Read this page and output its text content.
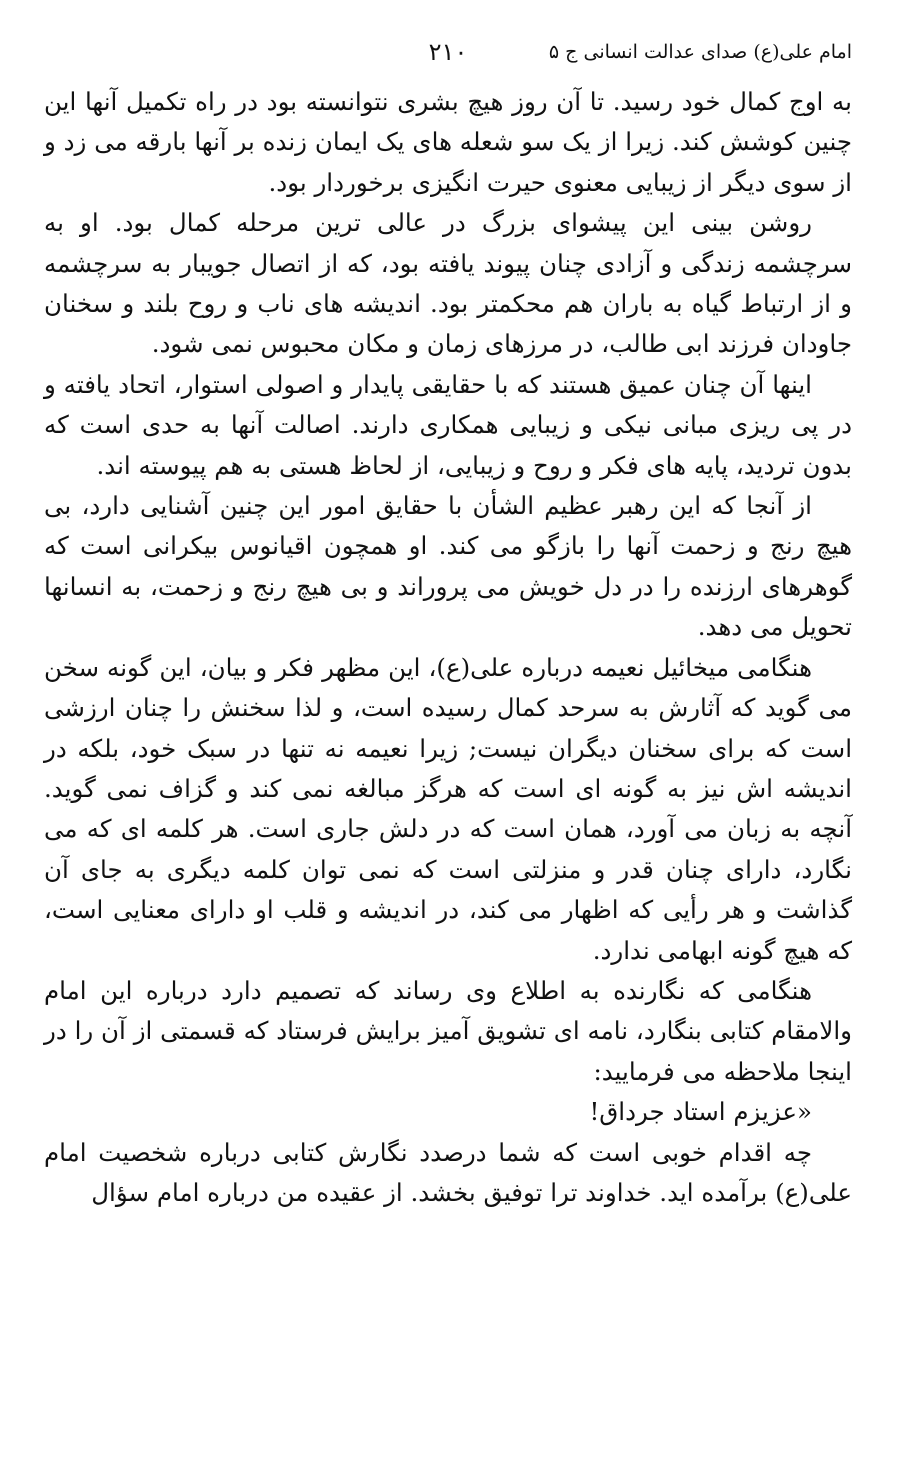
امام علی(ع) صدای عدالت انسانی ج ۵
۲۱۰

به اوج کمال خود رسید. تا آن روز هیچ بشری نتوانسته بود در راه تکمیل آنها این چنین کوشش کند. زیرا از یک سو شعله های یک ایمان زنده بر آنها بارقه می زد و از سوی دیگر از زیبایی معنوی حیرت انگیزی برخوردار بود.

روشن بینی این پیشوای بزرگ در عالی ترین مرحله کمال بود. او به سرچشمه زندگی و آزادی چنان پیوند یافته بود، که از اتصال جویبار به سرچشمه و از ارتباط گیاه به باران هم محکمتر بود. اندیشه های ناب و روح بلند و سخنان جاودان فرزند ابی طالب، در مرزهای زمان و مکان محبوس نمی شود.

اینها آن چنان عمیق هستند که با حقایقی پایدار و اصولی استوار، اتحاد یافته و در پی ریزی مبانی نیکی و زیبایی همکاری دارند. اصالت آنها به حدی است که بدون تردید، پایه های فکر و روح و زیبایی، از لحاظ هستی به هم پیوسته اند.

از آنجا که این رهبر عظیم الشأن با حقایق امور این چنین آشنایی دارد، بی هیچ رنج و زحمت آنها را بازگو می کند. او همچون اقیانوس بیکرانی است که گوهرهای ارزنده را در دل خویش می پروراند و بی هیچ رنج و زحمت، به انسانها تحویل می دهد.

هنگامی میخائیل نعیمه درباره علی(ع)، این مظهر فکر و بیان، این گونه سخن می گوید که آثارش به سرحد کمال رسیده است، و لذا سخنش را چنان ارزشی است که برای سخنان دیگران نیست; زیرا نعیمه نه تنها در سبک خود، بلکه در اندیشه اش نیز به گونه ای است که هرگز مبالغه نمی کند و گزاف نمی گوید. آنچه به زبان می آورد، همان است که در دلش جاری است. هر کلمه ای که می نگارد، دارای چنان قدر و منزلتی است که نمی توان کلمه دیگری به جای آن گذاشت و هر رأیی که اظهار می کند، در اندیشه و قلب او دارای معنایی است، که هیچ گونه ابهامی ندارد.

هنگامی که نگارنده به اطلاع وی رساند که تصمیم دارد درباره این امام والامقام کتابی بنگارد، نامه ای تشویق آمیز برایش فرستاد که قسمتی از آن را در اینجا ملاحظه می فرمایید:

«عزیزم استاد جرداق!

چه اقدام خوبی است که شما درصدد نگارش کتابی درباره شخصیت امام علی(ع) برآمده اید. خداوند ترا توفیق بخشد. از عقیده من درباره امام سؤال
